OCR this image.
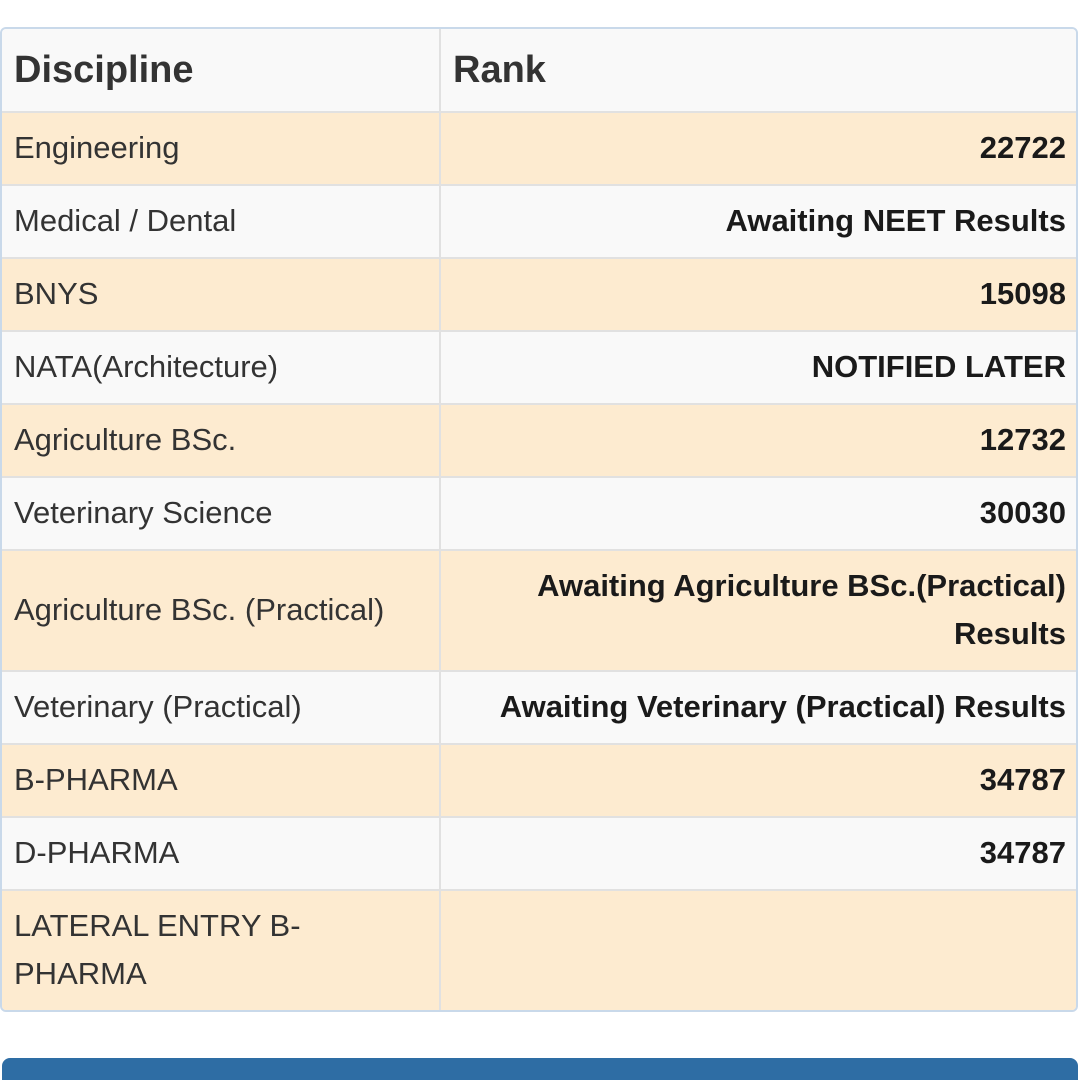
Discipline	Rank
Engineering	22722
Medical / Dental	Awaiting NEET Results
BNYS	15098
NATA(Architecture)	NOTIFIED LATER
Agriculture BSc.	12732
Veterinary Science	30030
Agriculture BSc. (Practical)	Awaiting Agriculture BSc.(Practical) Results
Veterinary (Practical)	Awaiting Veterinary (Practical) Results
B-PHARMA	34787
D-PHARMA	34787
LATERAL ENTRY B-PHARMA	
